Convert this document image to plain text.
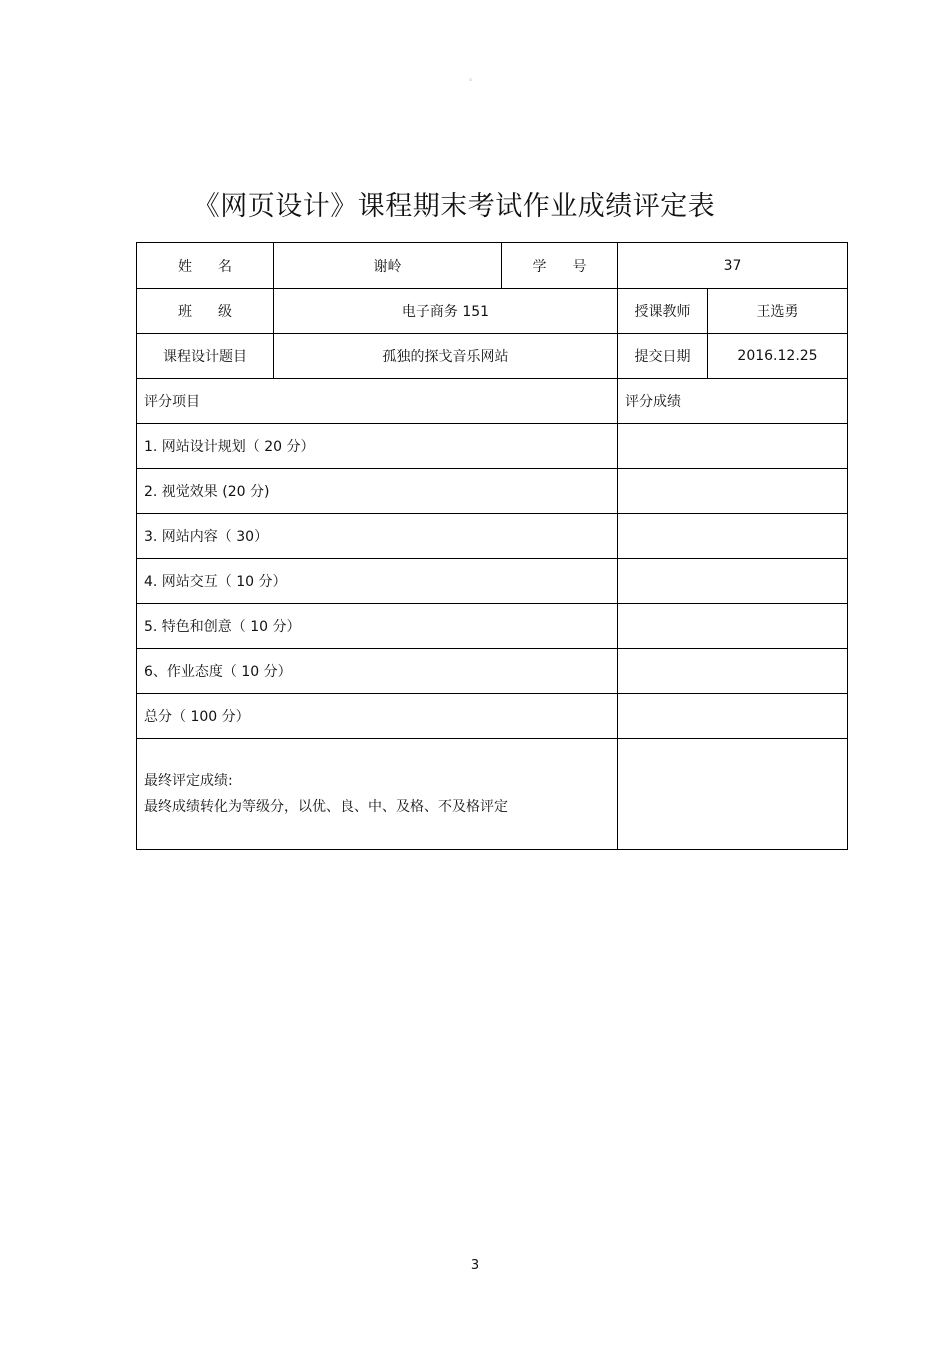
。
《网页设计》课程期末考试作业成绩评定表
姓名	谢岭	学号	37	
班级	电子商务 151		授课教师	王选勇
课程设计题目	孤独的探戈音乐网站		提交日期	2016.12.25
评分项目			评分成绩	
1. 网站设计规划（ 20 分）				
2. 视觉效果 (20 分)				
3. 网站内容（ 30）				
4. 网站交互（ 10 分）				
5. 特色和创意（ 10 分）				
6、作业态度（ 10 分）				
总分（ 100 分）				

最终评定成绩:
最终成绩转化为等级分，以优、良、中、及格、不及格评定				

3
